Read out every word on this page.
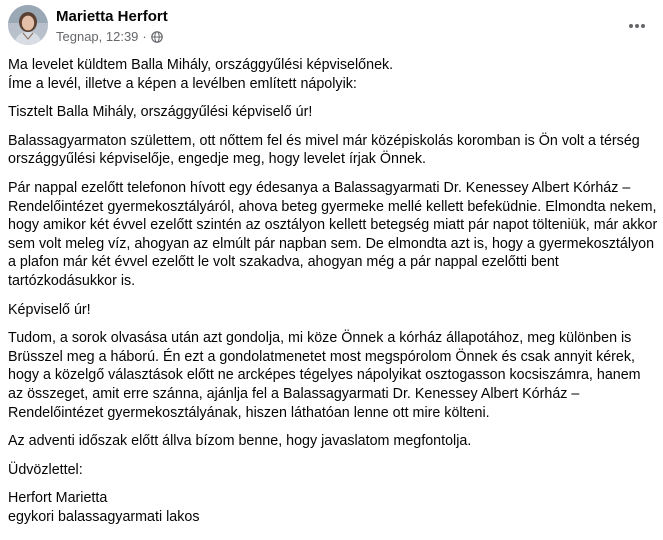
Marietta Herfort
Tegnap, 12:39 ·

Ma levelet küldtem Balla Mihály, országgyűlési képviselőnek.
Íme a levél, illetve a képen a levélben említett nápolyik:

Tisztelt Balla Mihály, országgyűlési képviselő úr!

Balassagyarmaton születtem, ott nőttem fel és mivel már középiskolás koromban is Ön volt a térség országgyűlési képviselője, engedje meg, hogy levelet írjak Önnek.

Pár nappal ezelőtt telefonon hívott egy édesanya a Balassagyarmati Dr. Kenessey Albert Kórház – Rendelőintézet gyermekosztályáról, ahova beteg gyermeke mellé kellett befeküdnie. Elmondta nekem, hogy amikor két évvel ezelőtt szintén az osztályon kellett betegség miatt pár napot tölteniük, már akkor sem volt meleg víz, ahogyan az elmúlt pár napban sem. De elmondta azt is, hogy a gyermekosztályon a plafon már két évvel ezelőtt le volt szakadva, ahogyan még a pár nappal ezelőtti bent tartózkodásukkor is.

Képviselő úr!

Tudom, a sorok olvasása után azt gondolja, mi köze Önnek a kórház állapotához, meg különben is Brüsszel meg a háború. Én ezt a gondolatmenetet most megspórolom Önnek és csak annyit kérek, hogy a közelgő választások előtt ne arcképes tégelyes nápolyikat osztogasson kocsiszámra, hanem az összeget, amit erre szánna, ajánlja fel a Balassagyarmati Dr. Kenessey Albert Kórház – Rendelőintézet gyermekosztályának, hiszen láthatóan lenne ott mire költeni.

Az adventi időszak előtt állva bízom benne, hogy javaslatom megfontolja.

Üdvözlettel:

Herfort Marietta
egykori balassagyarmati lakos
